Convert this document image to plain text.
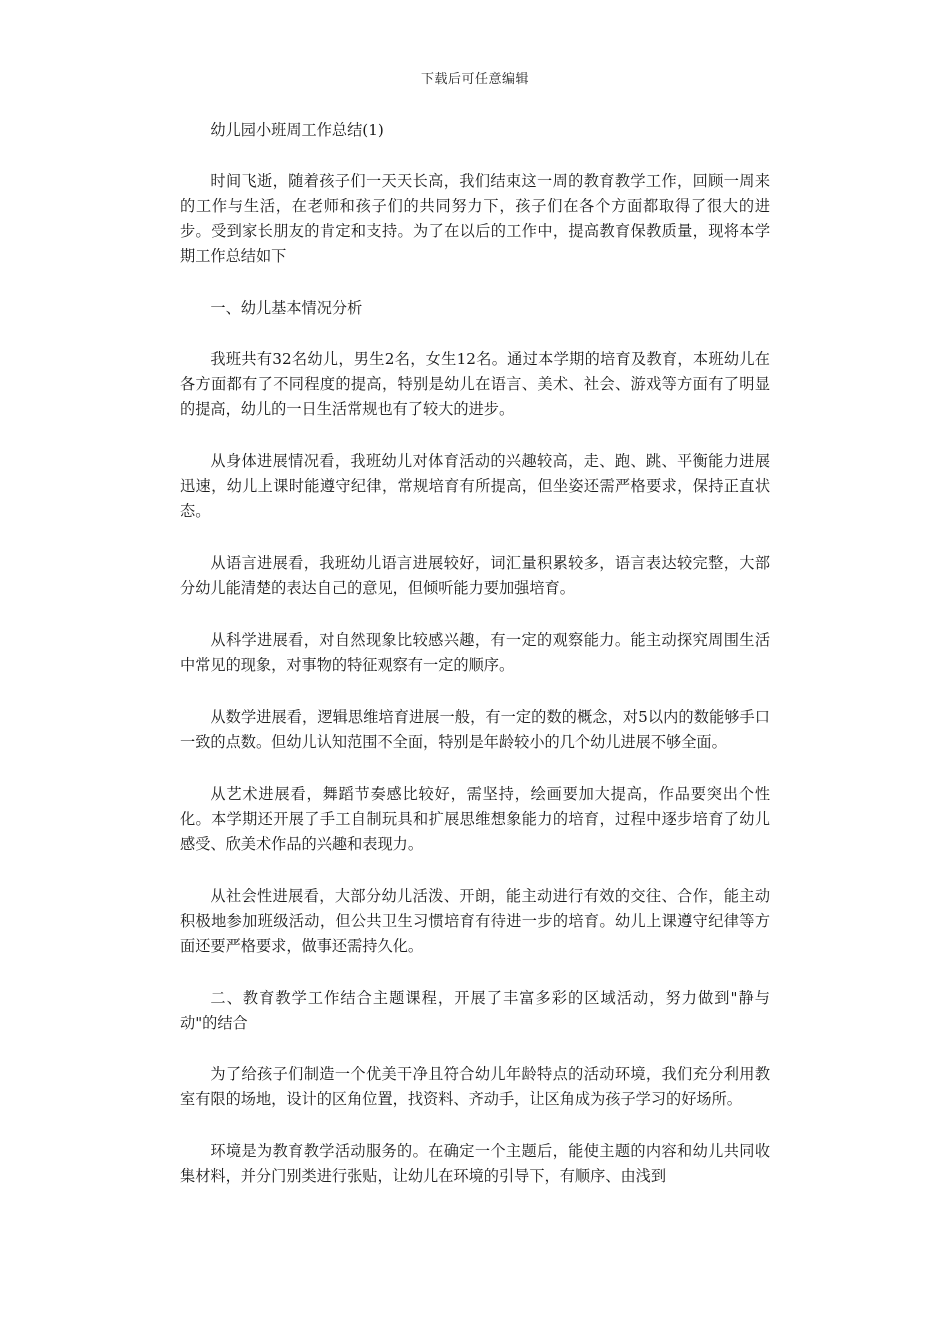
下载后可任意编辑

幼儿园小班周工作总结(1)

时间飞逝，随着孩子们一天天长高，我们结束这一周的教育教学工作，回顾一周来的工作与生活，在老师和孩子们的共同努力下，孩子们在各个方面都取得了很大的进步。受到家长朋友的肯定和支持。为了在以后的工作中，提高教育保教质量，现将本学期工作总结如下

一、幼儿基本情况分析

我班共有32名幼儿，男生2名，女生12名。通过本学期的培育及教育，本班幼儿在各方面都有了不同程度的提高，特别是幼儿在语言、美术、社会、游戏等方面有了明显的提高，幼儿的一日生活常规也有了较大的进步。

从身体进展情况看，我班幼儿对体育活动的兴趣较高，走、跑、跳、平衡能力进展迅速，幼儿上课时能遵守纪律，常规培育有所提高，但坐姿还需严格要求，保持正直状态。

从语言进展看，我班幼儿语言进展较好，词汇量积累较多，语言表达较完整，大部分幼儿能清楚的表达自己的意见，但倾听能力要加强培育。

从科学进展看，对自然现象比较感兴趣，有一定的观察能力。能主动探究周围生活中常见的现象，对事物的特征观察有一定的顺序。

从数学进展看，逻辑思维培育进展一般，有一定的数的概念，对5以内的数能够手口一致的点数。但幼儿认知范围不全面，特别是年龄较小的几个幼儿进展不够全面。

从艺术进展看，舞蹈节奏感比较好，需坚持，绘画要加大提高，作品要突出个性化。本学期还开展了手工自制玩具和扩展思维想象能力的培育，过程中逐步培育了幼儿感受、欣美术作品的兴趣和表现力。

从社会性进展看，大部分幼儿活泼、开朗，能主动进行有效的交往、合作，能主动积极地参加班级活动，但公共卫生习惯培育有待进一步的培育。幼儿上课遵守纪律等方面还要严格要求，做事还需持久化。

二、教育教学工作结合主题课程，开展了丰富多彩的区域活动，努力做到"静与动"的结合

为了给孩子们制造一个优美干净且符合幼儿年龄特点的活动环境，我们充分利用教室有限的场地，设计的区角位置，找资料、齐动手，让区角成为孩子学习的好场所。

环境是为教育教学活动服务的。在确定一个主题后，能使主题的内容和幼儿共同收集材料，并分门别类进行张贴，让幼儿在环境的引导下，有顺序、由浅到
